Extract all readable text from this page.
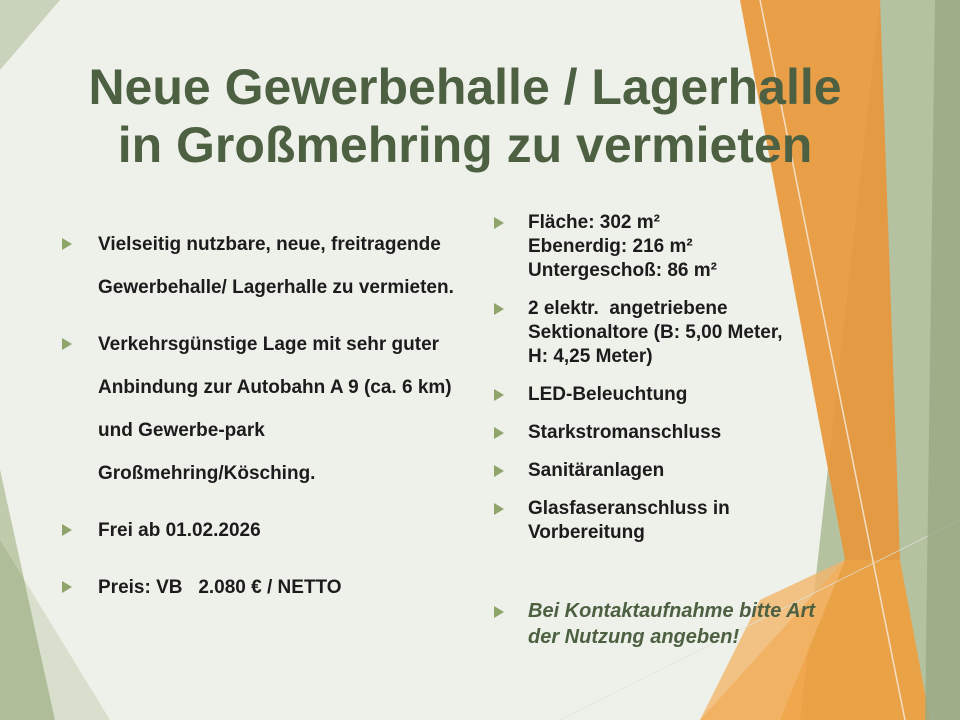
Neue Gewerbehalle / Lagerhalle
in Großmehring zu vermieten
Vielseitig nutzbare, neue, freitragende Gewerbehalle/ Lagerhalle zu vermieten.
Verkehrsgünstige Lage mit sehr guter Anbindung zur Autobahn A 9 (ca. 6 km) und Gewerbe-park Großmehring/Kösching.
Frei ab 01.02.2026
Preis: VB   2.080 € / NETTO
Fläche: 302 m²
Ebenerdig: 216 m²
Untergeschoß: 86 m²
2 elektr.  angetriebene
Sektionaltore (B: 5,00 Meter,
H: 4,25 Meter)
LED-Beleuchtung
Starkstromanschluss
Sanitäranlagen
Glasfaseranschluss in
Vorbereitung

Bei Kontaktaufnahme bitte Art
der Nutzung angeben!
